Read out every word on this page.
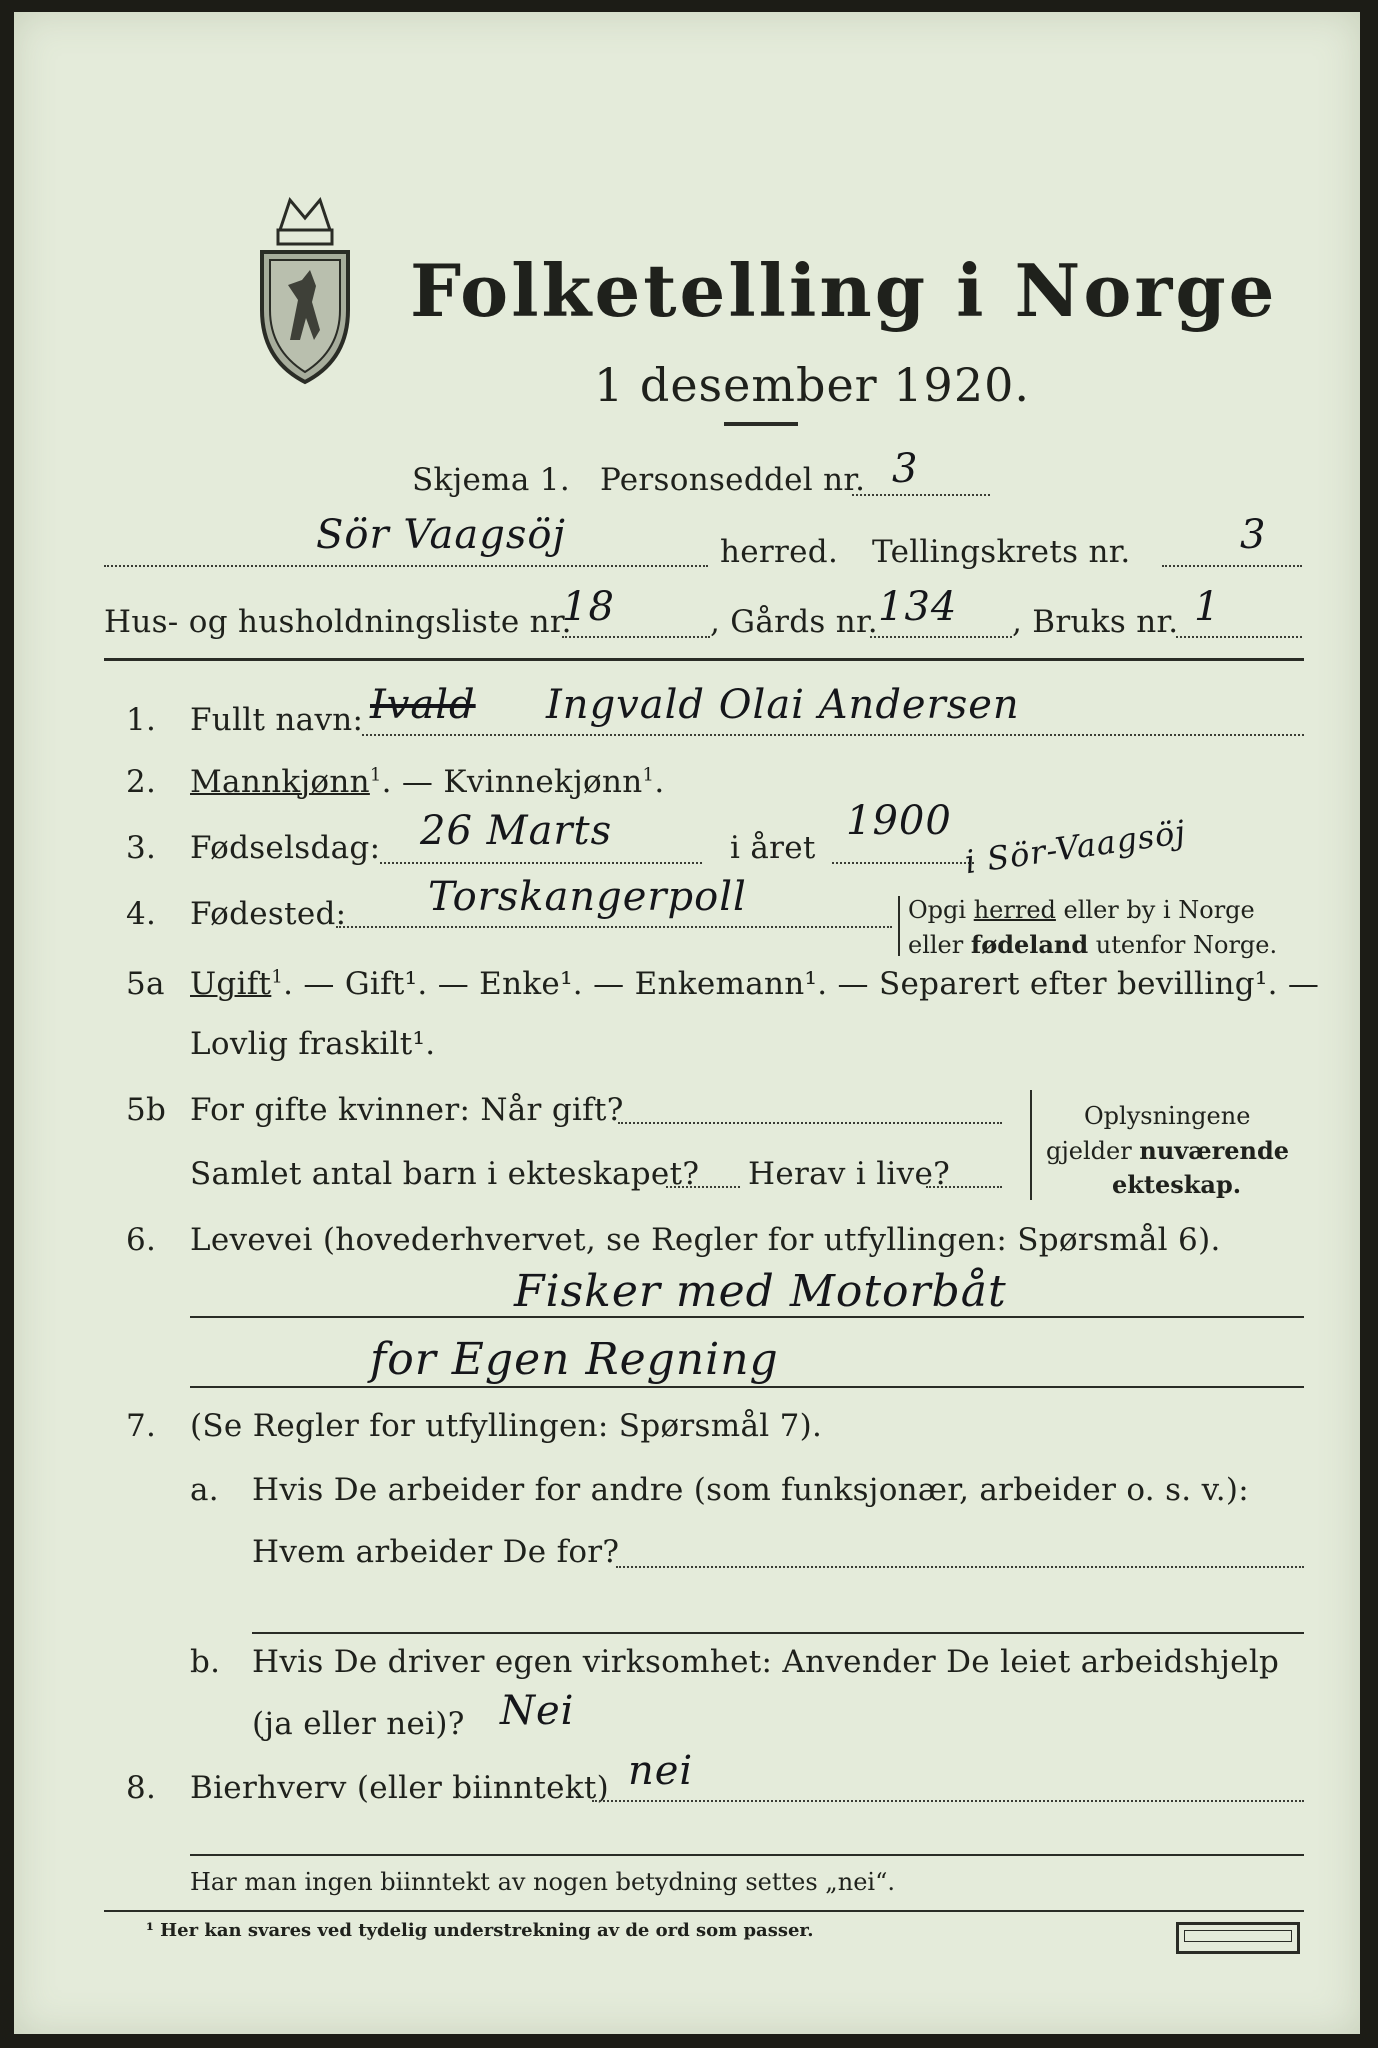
Folketelling i Norge
1 desember 1920.
Skjema 1. Personseddel nr. 3
Sör Vaagsöj	herred. Tellingskrets nr.	3
Hus- og husholdningsliste nr.
18	, Gårds nr. 134 , Bruks nr. 1
1. Fullt navn: Ivald Ingvald Olai Andersen
2. Mannkjønn$^1$. — Kvinnekjønn$^1$.
3. Fødselsdag: 26 Marts	i året
1900 i Sör-Vaagsöj
4. Fødested: Torskangerpoll	Opgi herred eller by i Norge
eller fødeland utenfor Norge.
5a Ugift$^1$. — Gift¹. — Enke¹. — Enkemann¹. — Separert efter bevilling¹. —
Lovlig fraskilt¹.
5b For gifte kvinner: Når gift?
Samlet antal barn i ekteskapet? Herav i live?
Oplysningene
gjelder nuværende
ekteskap.
6. Levevei (hovederhvervet, se Regler for utfyllingen: Spørsmål 6).
Fisker med Motorbåt
for Egen Regning
7. (Se Regler for utfyllingen: Spørsmål 7).
a. Hvis De arbeider for andre (som funksjonær, arbeider o. s. v.):
Hvem arbeider De for?
b. Hvis De driver egen virksomhet: Anvender De leiet arbeidshjelp
(ja eller nei)? Nei
8. Bierhverv (eller biinntekt) nei
Har man ingen biinntekt av nogen betydning settes „nei“.
¹ Her kan svares ved tydelig understrekning av de ord som passer.
